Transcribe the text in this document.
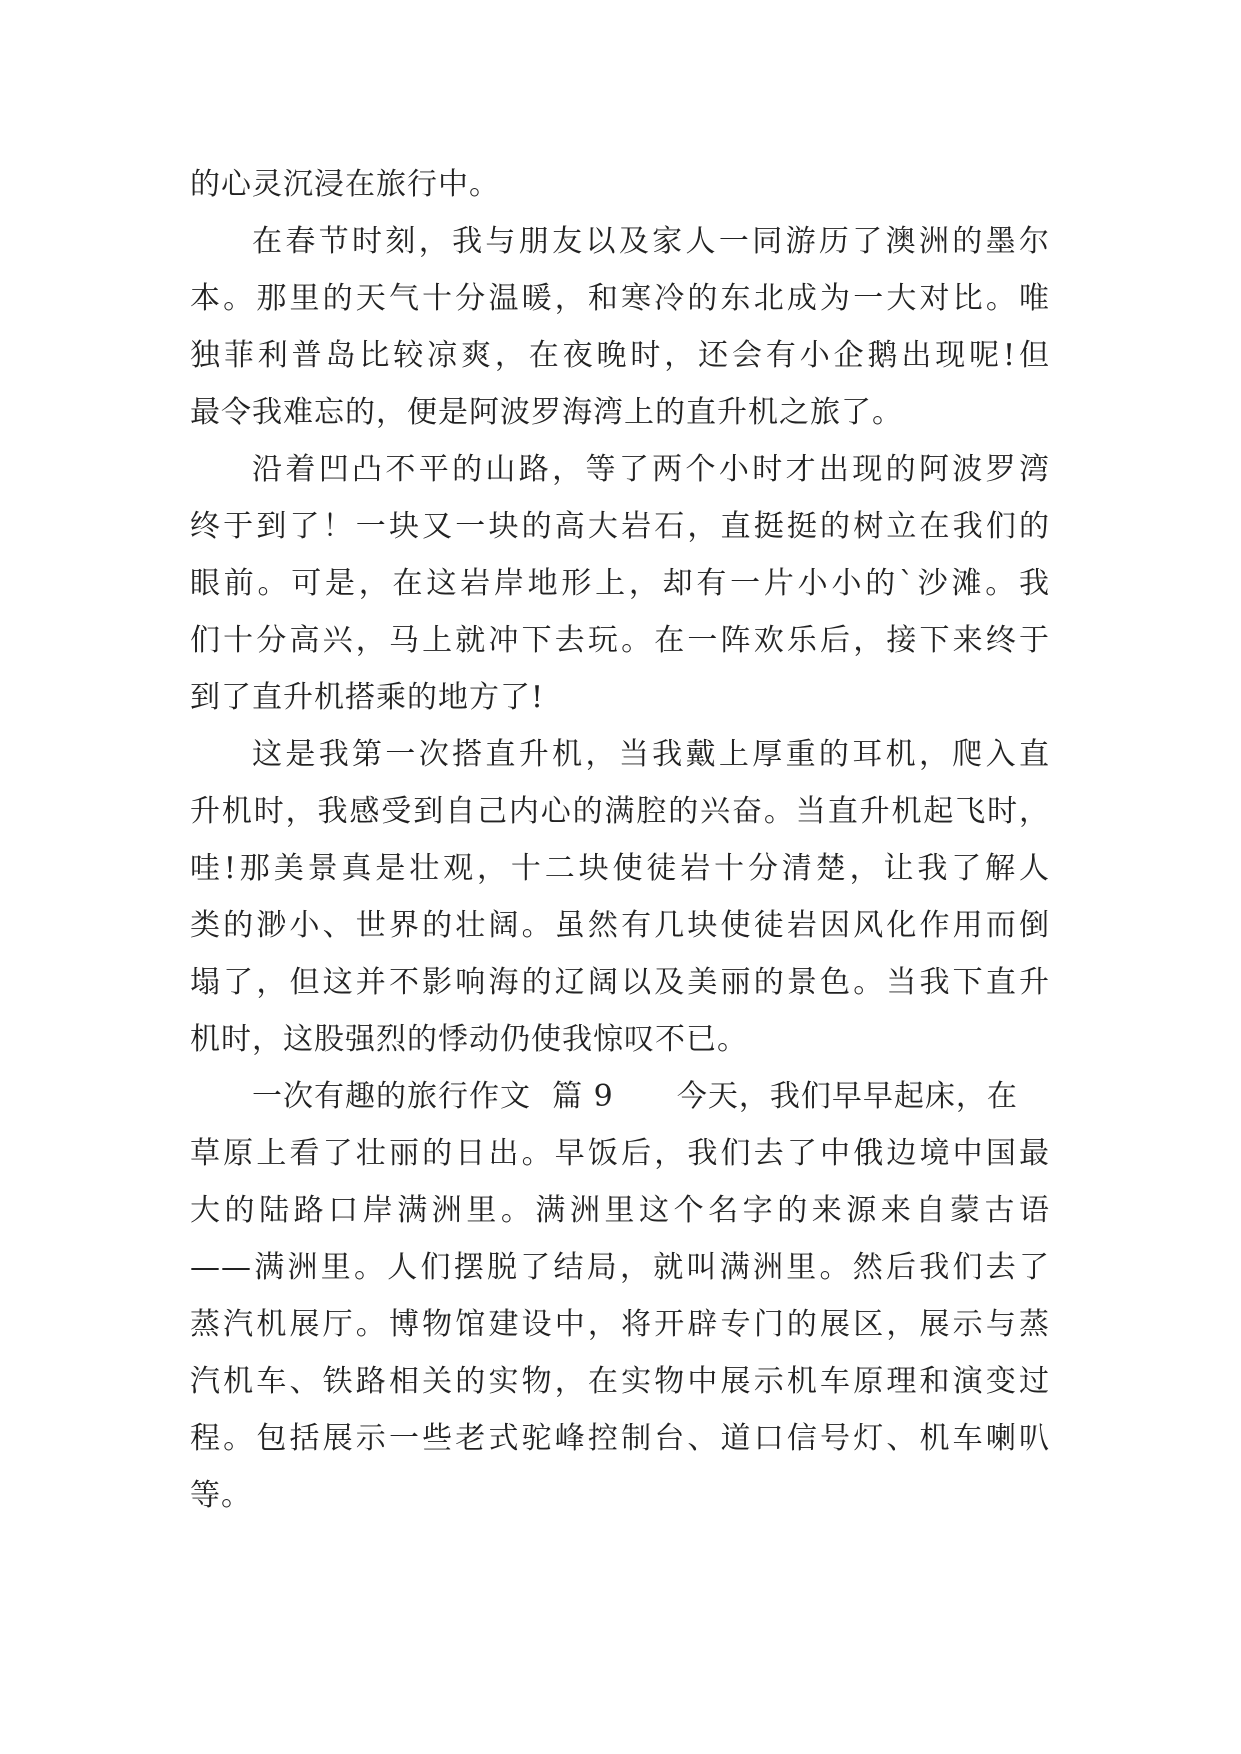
的心灵沉浸在旅行中。
在春节时刻，我与朋友以及家人一同游历了澳洲的墨尔
本。那里的天气十分温暖，和寒冷的东北成为一大对比。唯
独菲利普岛比较凉爽，在夜晚时，还会有小企鹅出现呢!但
最令我难忘的，便是阿波罗海湾上的直升机之旅了。
沿着凹凸不平的山路，等了两个小时才出现的阿波罗湾
终于到了！一块又一块的高大岩石，直挺挺的树立在我们的
眼前。可是，在这岩岸地形上，却有一片小小的`沙滩。我
们十分高兴，马上就冲下去玩。在一阵欢乐后，接下来终于
到了直升机搭乘的地方了!
这是我第一次搭直升机，当我戴上厚重的耳机，爬入直
升机时，我感受到自己内心的满腔的兴奋。当直升机起飞时，
哇!那美景真是壮观，十二块使徒岩十分清楚，让我了解人
类的渺小、世界的壮阔。虽然有几块使徒岩因风化作用而倒
塌了，但这并不影响海的辽阔以及美丽的景色。当我下直升
机时，这股强烈的悸动仍使我惊叹不已。
一次有趣的旅行作文  篇 9      今天，我们早早起床，在
草原上看了壮丽的日出。早饭后，我们去了中俄边境中国最
大的陆路口岸满洲里。满洲里这个名字的来源来自蒙古语
——满洲里。人们摆脱了结局，就叫满洲里。然后我们去了
蒸汽机展厅。博物馆建设中，将开辟专门的展区，展示与蒸
汽机车、铁路相关的实物，在实物中展示机车原理和演变过
程。包括展示一些老式驼峰控制台、道口信号灯、机车喇叭
等。
